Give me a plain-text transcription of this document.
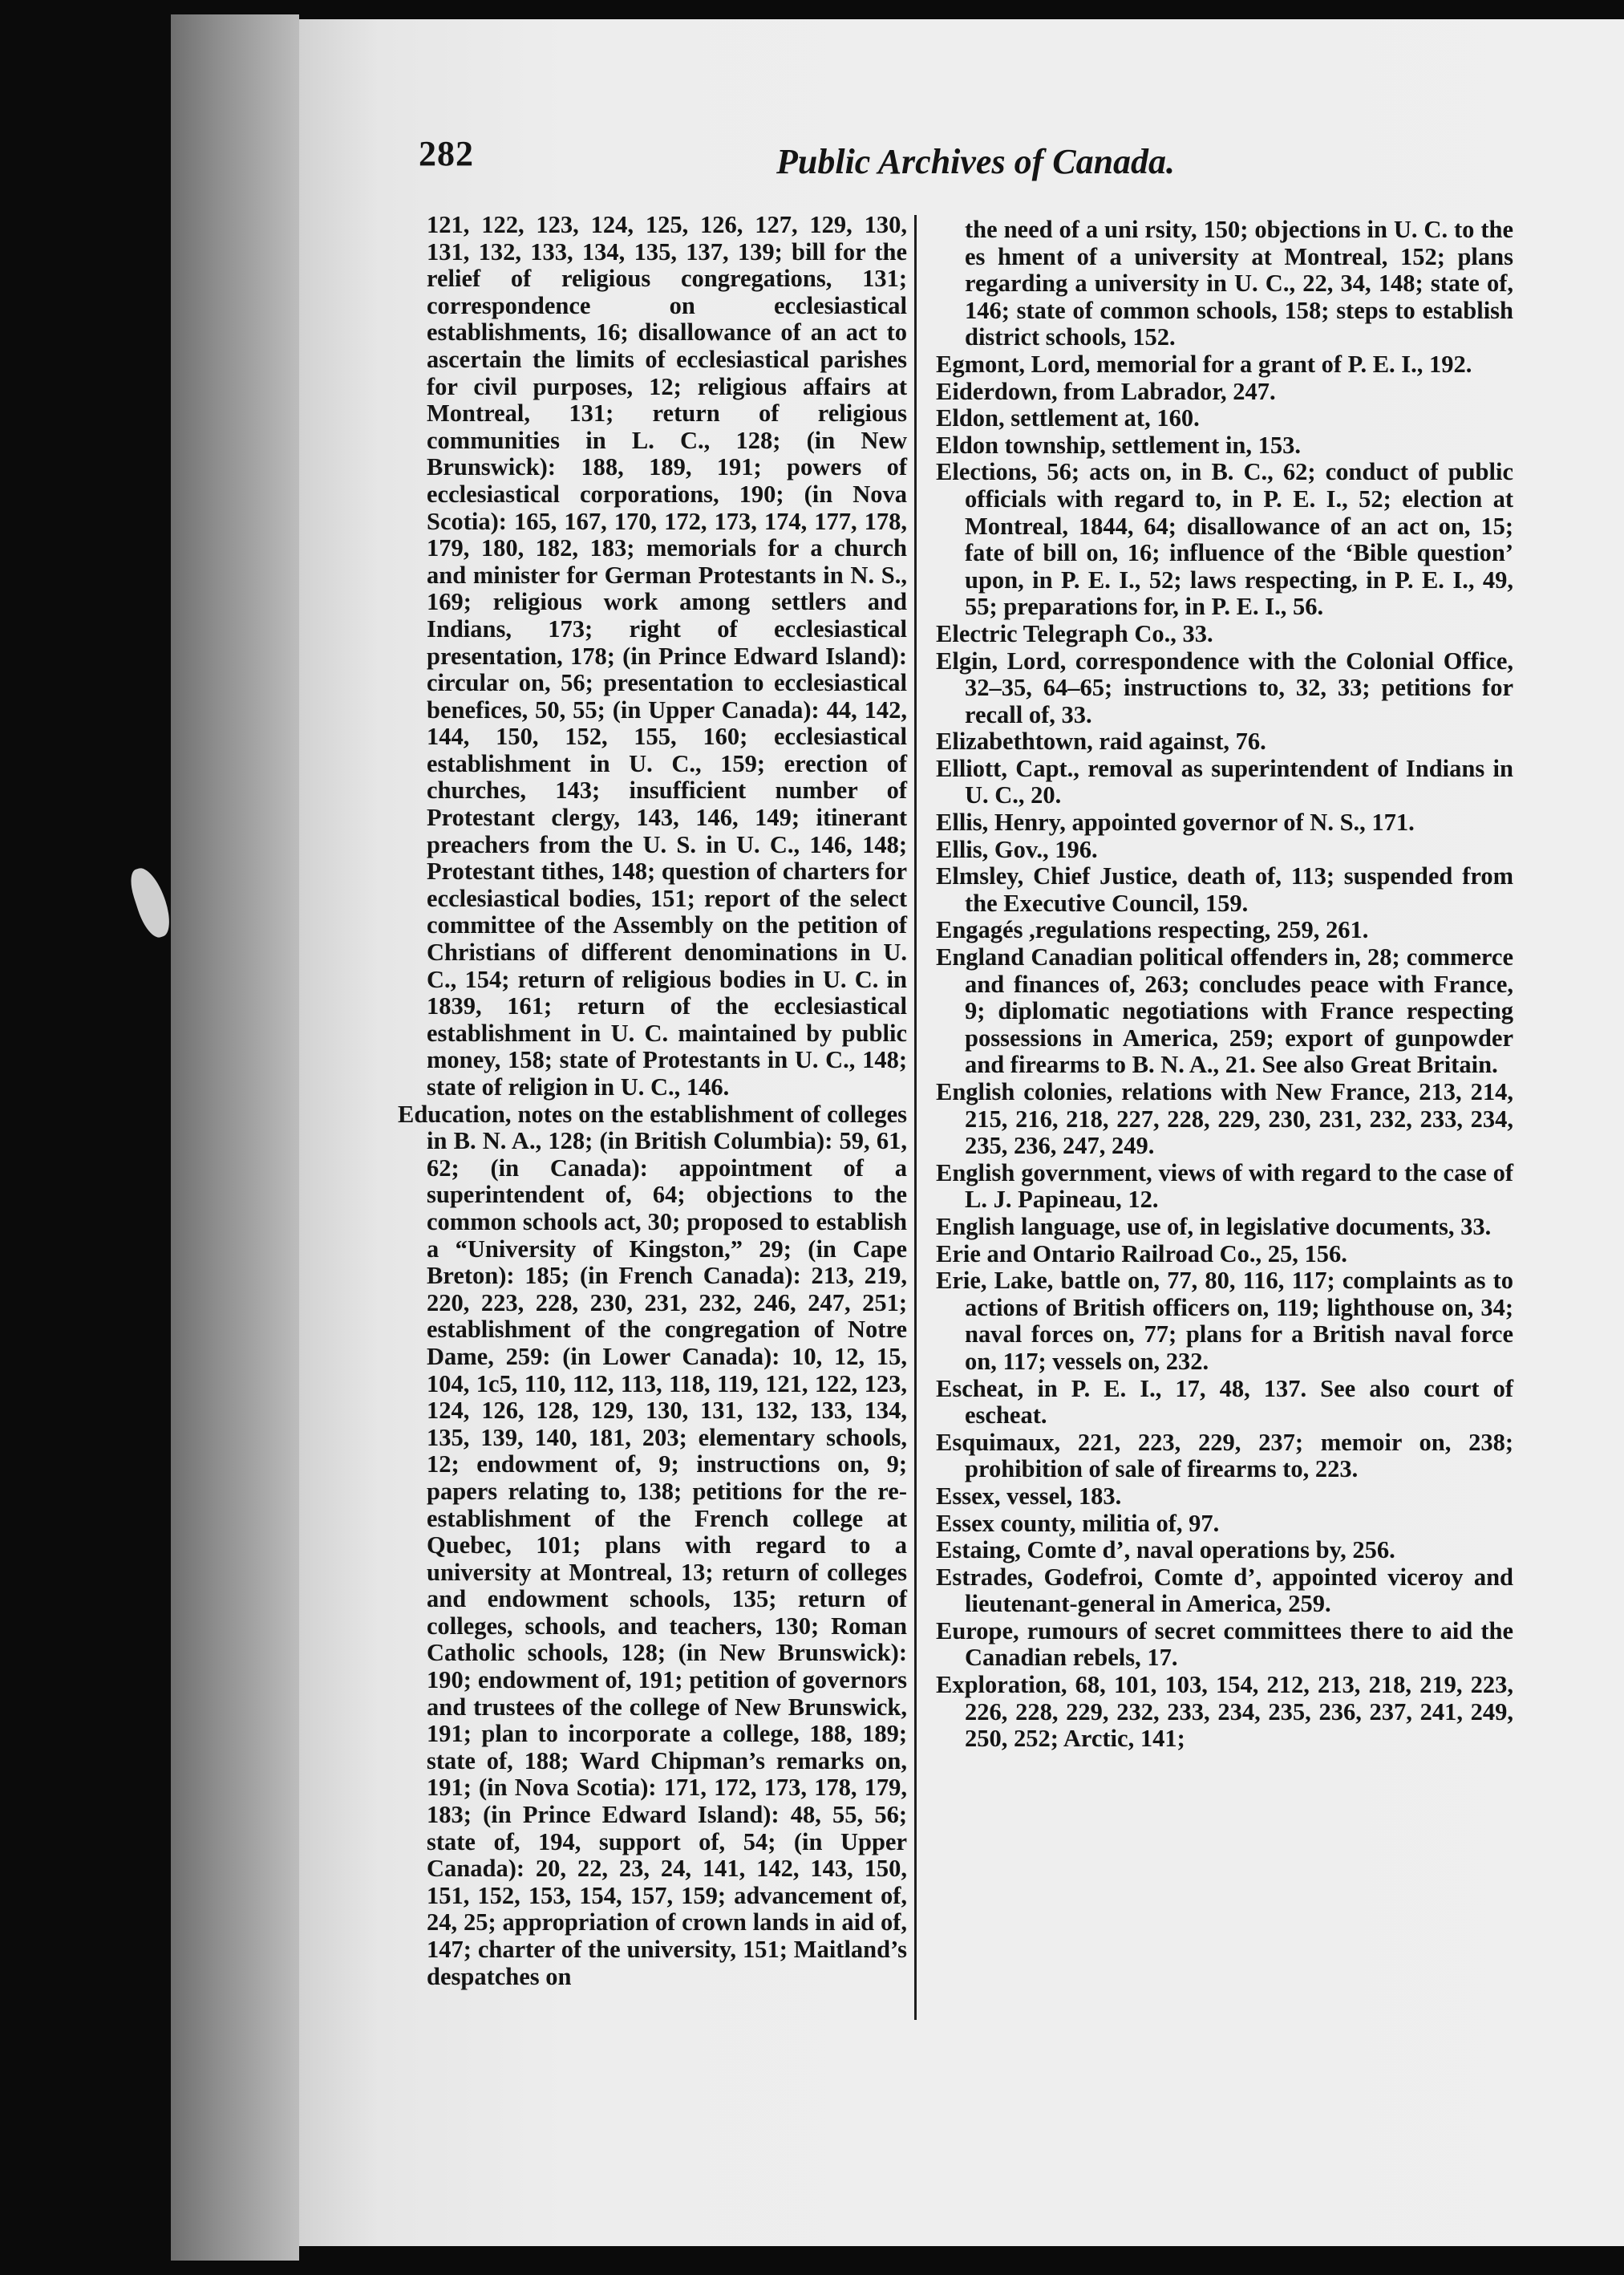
282	Public Archives of Canada.

121, 122, 123, 124, 125, 126, 127, 129, 130, 131, 132, 133, 134, 135, 137, 139; bill for the relief of religious congregations, 131; correspondence on ecclesiastical establishments, 16; disallowance of an act to ascertain the limits of ecclesiastical parishes for civil purposes, 12; religious affairs at Montreal, 131; return of religious communities in L. C., 128; (in New Brunswick): 188, 189, 191; powers of ecclesiastical corporations, 190; (in Nova Scotia): 165, 167, 170, 172, 173, 174, 177, 178, 179, 180, 182, 183; memorials for a church and minister for German Protestants in N. S., 169; religious work among settlers and Indians, 173; right of ecclesiastical presentation, 178; (in Prince Edward Island): circular on, 56; presentation to ecclesiastical benefices, 50, 55; (in Upper Canada): 44, 142, 144, 150, 152, 155, 160; ecclesiastical establishment in U. C., 159; erection of churches, 143; insufficient number of Protestant clergy, 143, 146, 149; itinerant preachers from the U. S. in U. C., 146, 148; Protestant tithes, 148; question of charters for ecclesiastical bodies, 151; report of the select committee of the Assembly on the petition of Christians of different denominations in U. C., 154; return of religious bodies in U. C. in 1839, 161; return of the ecclesiastical establishment in U. C. maintained by public money, 158; state of Protestants in U. C., 148; state of religion in U. C., 146.

Education, notes on the establishment of colleges in B. N. A., 128; (in British Columbia): 59, 61, 62; (in Canada): appointment of a superintendent of, 64; objections to the common schools act, 30; proposed to establish a “University of Kingston,” 29; (in Cape Breton): 185; (in French Canada): 213, 219, 220, 223, 228, 230, 231, 232, 246, 247, 251; establishment of the congregation of Notre Dame, 259: (in Lower Canada): 10, 12, 15, 104, 1c5, 110, 112, 113, 118, 119, 121, 122, 123, 124, 126, 128, 129, 130, 131, 132, 133, 134, 135, 139, 140, 181, 203; elementary schools, 12; endowment of, 9; instructions on, 9; papers relating to, 138; petitions for the re-establishment of the French college at Quebec, 101; plans with regard to a university at Montreal, 13; return of colleges and endowment schools, 135; return of colleges, schools, and teachers, 130; Roman Catholic schools, 128; (in New Brunswick): 190; endowment of, 191; petition of governors and trustees of the college of New Brunswick, 191; plan to incorporate a college, 188, 189; state of, 188; Ward Chipman’s remarks on, 191; (in Nova Scotia): 171, 172, 173, 178, 179, 183; (in Prince Edward Island): 48, 55, 56; state of, 194, support of, 54; (in Upper Canada): 20, 22, 23, 24, 141, 142, 143, 150, 151, 152, 153, 154, 157, 159; advancement of, 24, 25; appropriation of crown lands in aid of, 147; charter of the university, 151; Maitland’s despatches on

the need of a uni rsity, 150; objections in U. C. to the es hment of a university at Montreal, 152; plans regarding a university in U. C., 22, 34, 148; state of, 146; state of common schools, 158; steps to establish district schools, 152.

Egmont, Lord, memorial for a grant of P. E. I., 192.

Eiderdown, from Labrador, 247.

Eldon, settlement at, 160.

Eldon township, settlement in, 153.

Elections, 56; acts on, in B. C., 62; conduct of public officials with regard to, in P. E. I., 52; election at Montreal, 1844, 64; disallowance of an act on, 15; fate of bill on, 16; influence of the ‘Bible question’ upon, in P. E. I., 52; laws respecting, in P. E. I., 49, 55; preparations for, in P. E. I., 56.

Electric Telegraph Co., 33.

Elgin, Lord, correspondence with the Colonial Office, 32–35, 64–65; instructions to, 32, 33; petitions for recall of, 33.

Elizabethtown, raid against, 76.

Elliott, Capt., removal as superintendent of Indians in U. C., 20.

Ellis, Henry, appointed governor of N. S., 171.

Ellis, Gov., 196.

Elmsley, Chief Justice, death of, 113; suspended from the Executive Council, 159.

Engagés ,regulations respecting, 259, 261.

England Canadian political offenders in, 28; commerce and finances of, 263; concludes peace with France, 9; diplomatic negotiations with France respecting possessions in America, 259; export of gunpowder and firearms to B. N. A., 21. See also Great Britain.

English colonies, relations with New France, 213, 214, 215, 216, 218, 227, 228, 229, 230, 231, 232, 233, 234, 235, 236, 247, 249.

English government, views of with regard to the case of L. J. Papineau, 12.

English language, use of, in legislative documents, 33.

Erie and Ontario Railroad Co., 25, 156.

Erie, Lake, battle on, 77, 80, 116, 117; complaints as to actions of British officers on, 119; lighthouse on, 34; naval forces on, 77; plans for a British naval force on, 117; vessels on, 232.

Escheat, in P. E. I., 17, 48, 137. See also court of escheat.

Esquimaux, 221, 223, 229, 237; memoir on, 238; prohibition of sale of firearms to, 223.

Essex, vessel, 183.

Essex county, militia of, 97.

Estaing, Comte d’, naval operations by, 256.

Estrades, Godefroi, Comte d’, appointed viceroy and lieutenant-general in America, 259.

Europe, rumours of secret committees there to aid the Canadian rebels, 17.

Exploration, 68, 101, 103, 154, 212, 213, 218, 219, 223, 226, 228, 229, 232, 233, 234, 235, 236, 237, 241, 249, 250, 252; Arctic, 141;
